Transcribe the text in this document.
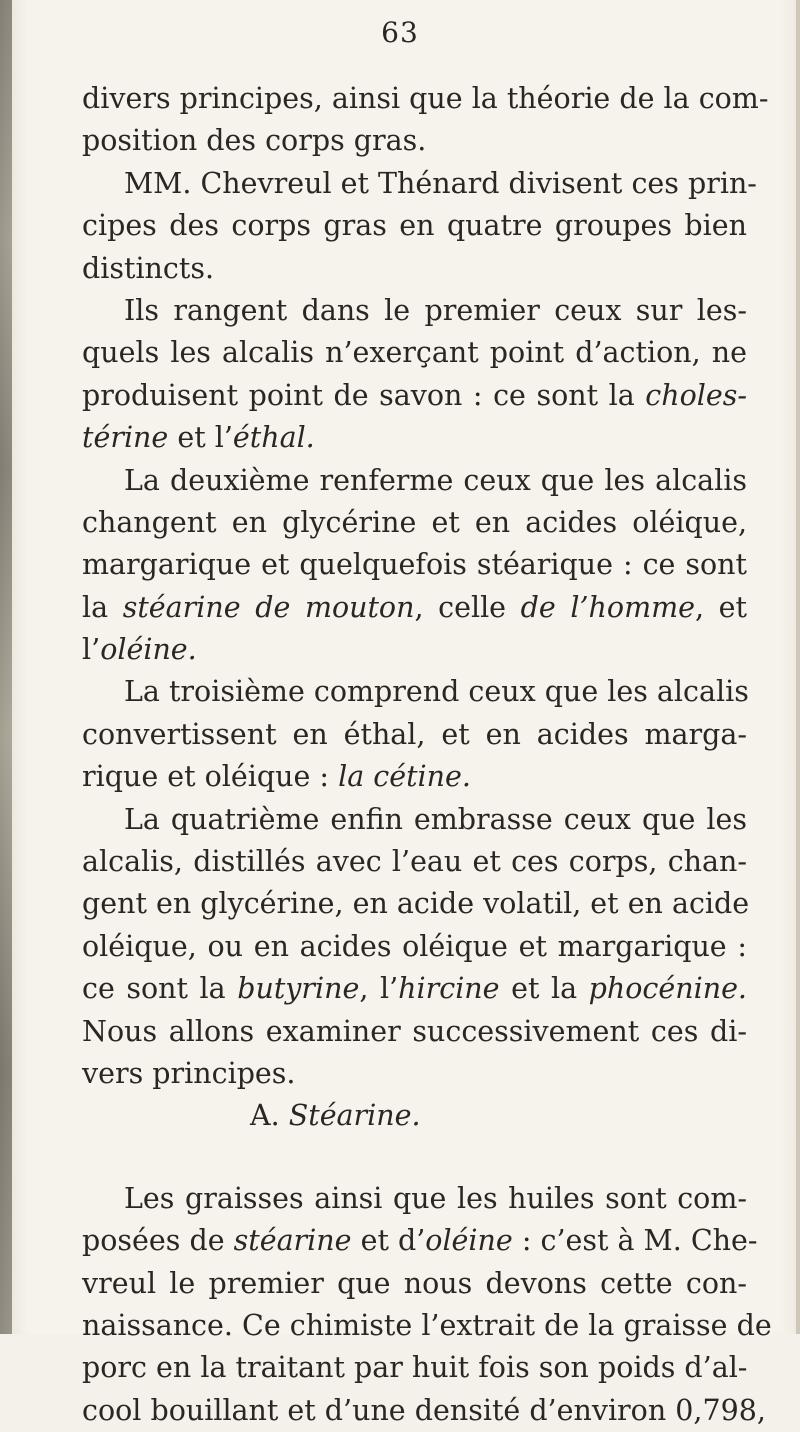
63
divers principes, ainsi que la théorie de la com-
position des corps gras.
MM. Chevreul et Thénard divisent ces prin-
cipes des corps gras en quatre groupes bien
distincts.
Ils rangent dans le premier ceux sur les-
quels les alcalis n’exerçant point d’action, ne
produisent point de savon : ce sont la choles-
térine et l’éthal.
La deuxième renferme ceux que les alcalis
changent en glycérine et en acides oléique,
margarique et quelquefois stéarique : ce sont
la stéarine de mouton, celle de l’homme, et
l’oléine.
La troisième comprend ceux que les alcalis
convertissent en éthal, et en acides marga-
rique et oléique : la cétine.
La quatrième enfin embrasse ceux que les
alcalis, distillés avec l’eau et ces corps, chan-
gent en glycérine, en acide volatil, et en acide
oléique, ou en acides oléique et margarique :
ce sont la butyrine, l’hircine et la phocénine.
Nous allons examiner successivement ces di-
vers principes.
A. Stéarine.
Les graisses ainsi que les huiles sont com-
posées de stéarine et d’oléine : c’est à M. Che-
vreul le premier que nous devons cette con-
naissance. Ce chimiste l’extrait de la graisse de
porc en la traitant par huit fois son poids d’al-
cool bouillant et d’une densité d’environ 0,798,
